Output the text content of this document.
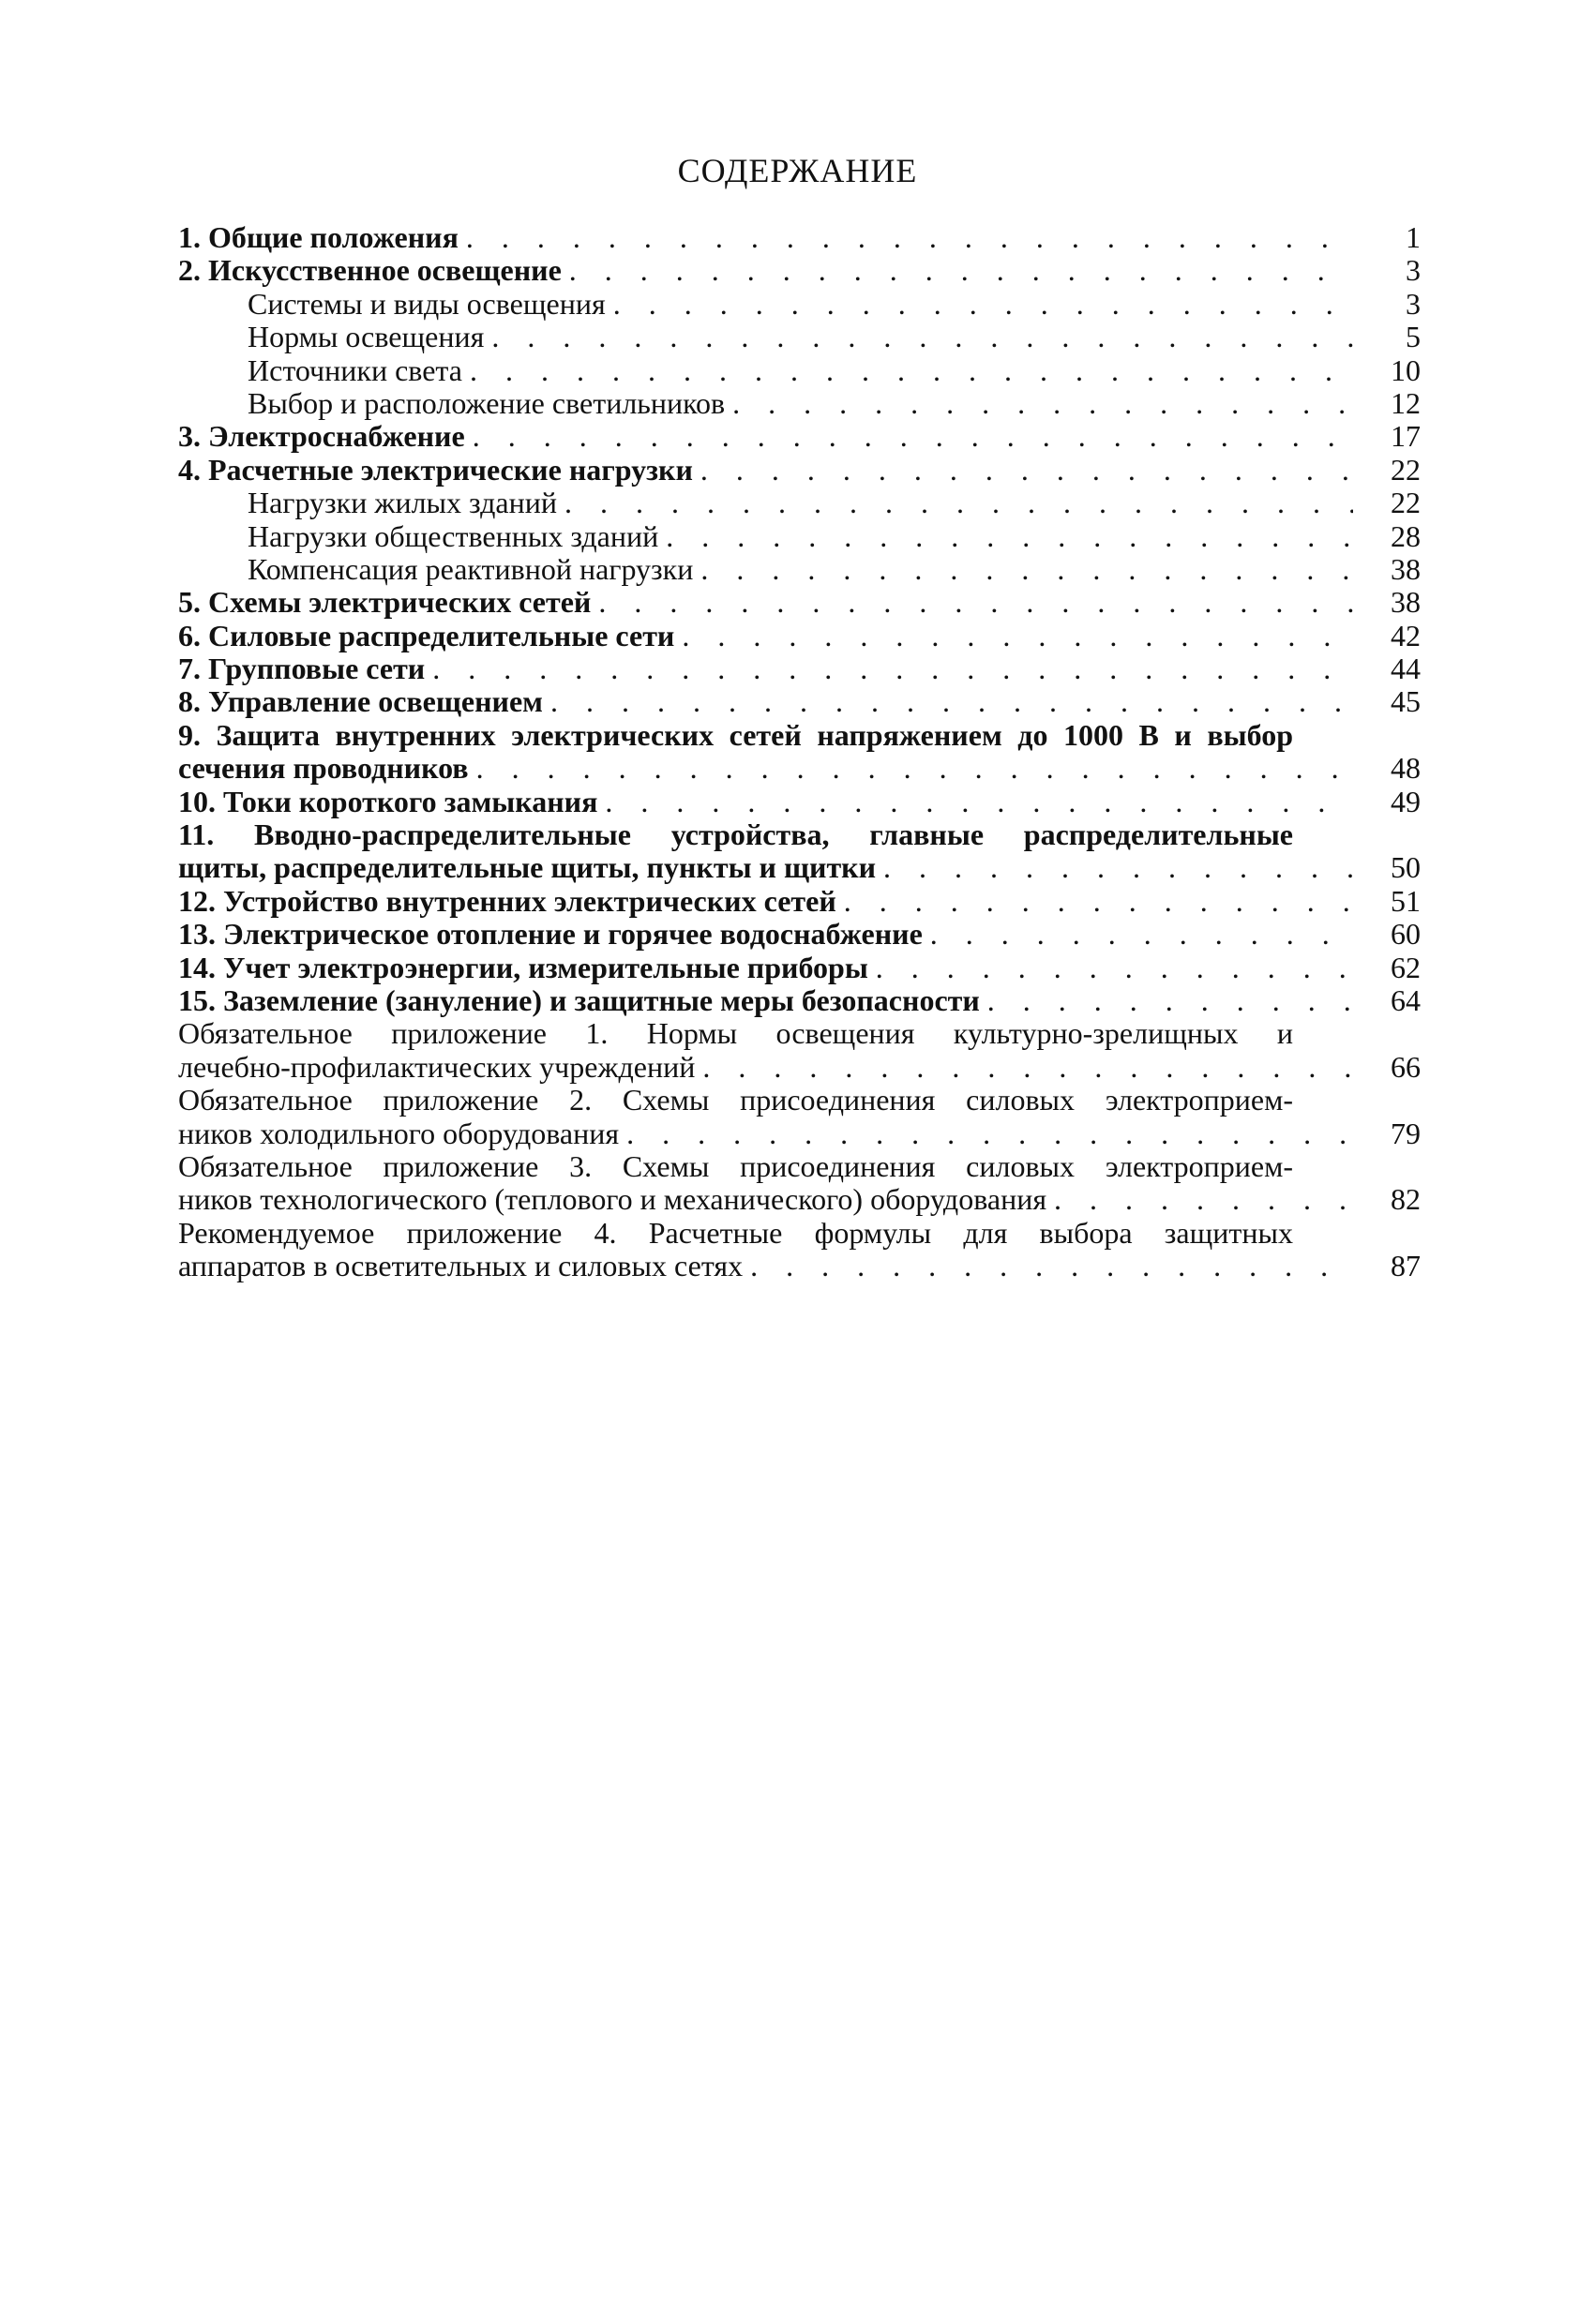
СОДЕРЖАНИЕ
1. Общие положения . . .	1
2. Искусственное освещение . . .	3
Системы и виды освещения . . .	3
Нормы освещения . . .	5
Источники света . . .	10
Выбор и расположение светильников . . .	12
3. Электроснабжение . . .	17
4. Расчетные электрические нагрузки . . .	22
Нагрузки жилых зданий . . .	22
Нагрузки общественных зданий . . .	28
Компенсация реактивной нагрузки . . .	38
5. Схемы электрических сетей . . .	38
6. Силовые распределительные сети . . .	42
7. Групповые сети . . .	44
8. Управление освещением . . .	45
9. Защита внутренних электрических сетей напряжением до 1000 В и выбор
сечения проводников . . .	48
10. Токи короткого замыкания . . .	49
11. Вводно-распределительные устройства, главные распределительные
щиты, распределительные щиты, пункты и щитки . . .	50
12. Устройство внутренних электрических сетей . . .	51
13. Электрическое отопление и горячее водоснабжение . . .	60
14. Учет электроэнергии, измерительные приборы . . .	62
15. Заземление (зануление) и защитные меры безопасности . . .	64
Обязательное приложение 1. Нормы освещения культурно-зрелищных и
лечебно-профилактических учреждений . . .	66
Обязательное приложение 2. Схемы присоединения силовых электроприем-
ников холодильного оборудования . . .	79
Обязательное приложение 3. Схемы присоединения силовых электроприем-
ников технологического (теплового и механического) оборудования . . .	82
Рекомендуемое приложение 4. Расчетные формулы для выбора защитных
аппаратов в осветительных и силовых сетях . . .	87
